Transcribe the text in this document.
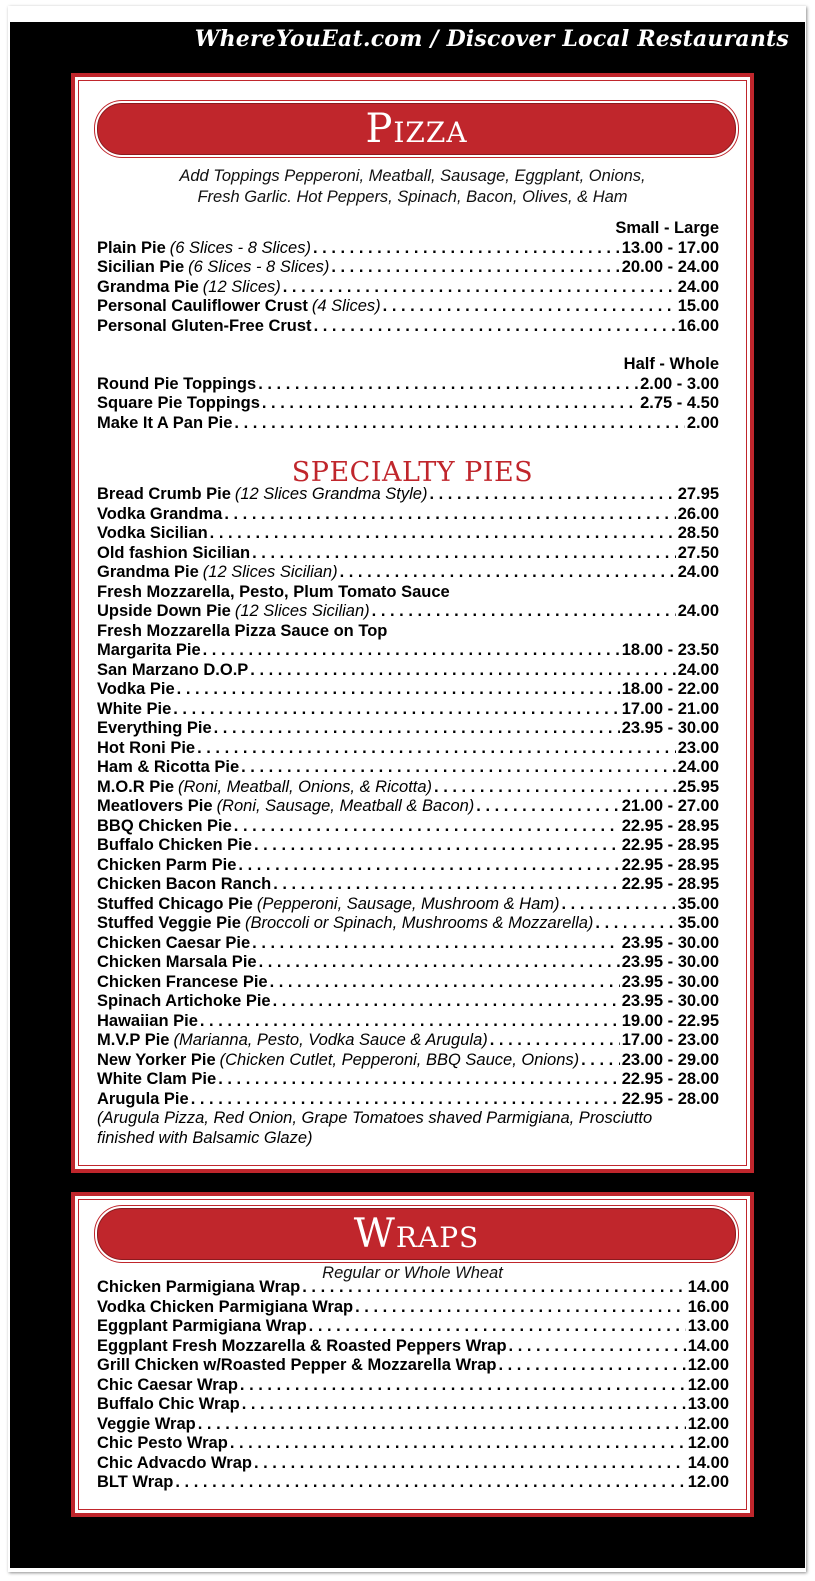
WhereYouEat.com / Discover Local Restaurants
Pizza
Add Toppings Pepperoni, Meatball, Sausage, Eggplant, Onions,
Fresh Garlic. Hot Peppers, Spinach, Bacon, Olives, & Ham
SPECIALTY PIES
Small - Large
Plain Pie (6 Slices - 8 Slices) . . .	13.00 - 17.00
Sicilian Pie (6 Slices - 8 Slices) . . .	20.00 - 24.00
Grandma Pie (12 Slices) . . .	24.00
Personal Cauliflower Crust (4 Slices) . . .	15.00
Personal Gluten-Free Crust . . .	16.00
Half - Whole
Round Pie Toppings . . .	2.00 - 3.00
Square Pie Toppings . . .	2.75 - 4.50
Make It A Pan Pie . . .	2.00
Bread Crumb Pie (12 Slices Grandma Style) . . .	27.95
Vodka Grandma . . .	26.00
Vodka Sicilian . . .	28.50
Old fashion Sicilian . . .	27.50
Grandma Pie (12 Slices Sicilian) . . .	24.00
Fresh Mozzarella, Pesto, Plum Tomato Sauce
Upside Down Pie (12 Slices Sicilian) . . .	24.00
Fresh Mozzarella Pizza Sauce on Top
Margarita Pie . . .	18.00 - 23.50
San Marzano D.O.P . . .	24.00
Vodka Pie . . .	18.00 - 22.00
White Pie . . .	17.00 - 21.00
Everything Pie . . .	23.95 - 30.00
Hot Roni Pie . . .	23.00
Ham & Ricotta Pie . . .	24.00
M.O.R Pie (Roni, Meatball, Onions, & Ricotta) . . .	25.95
Meatlovers Pie (Roni, Sausage, Meatball & Bacon) . . .	21.00 - 27.00
BBQ Chicken Pie . . .	22.95 - 28.95
Buffalo Chicken Pie . . .	22.95 - 28.95
Chicken Parm Pie . . .	22.95 - 28.95
Chicken Bacon Ranch . . .	22.95 - 28.95
Stuffed Chicago Pie (Pepperoni, Sausage, Mushroom & Ham) . . .	35.00
Stuffed Veggie Pie (Broccoli or Spinach, Mushrooms & Mozzarella) . . .	35.00
Chicken Caesar Pie . . .	23.95 - 30.00
Chicken Marsala Pie . . .	23.95 - 30.00
Chicken Francese Pie . . .	23.95 - 30.00
Spinach Artichoke Pie . . .	23.95 - 30.00
Hawaiian Pie . . .	19.00 - 22.95
M.V.P Pie (Marianna, Pesto, Vodka Sauce & Arugula) . . .	17.00 - 23.00
New Yorker Pie (Chicken Cutlet, Pepperoni, BBQ Sauce, Onions) . . .	23.00 - 29.00
White Clam Pie . . .	22.95 - 28.00
Arugula Pie . . .	22.95 - 28.00
(Arugula Pizza, Red Onion, Grape Tomatoes shaved Parmigiana, Prosciutto
finished with Balsamic Glaze)
Wraps
Regular or Whole Wheat
Chicken Parmigiana Wrap . . .	14.00
Vodka Chicken Parmigiana Wrap . . .	16.00
Eggplant Parmigiana Wrap . . .	13.00
Eggplant Fresh Mozzarella & Roasted Peppers Wrap . . .	14.00
Grill Chicken w/Roasted Pepper & Mozzarella Wrap . . .	12.00
Chic Caesar Wrap . . .	12.00
Buffalo Chic Wrap . . .	13.00
Veggie Wrap . . .	12.00
Chic Pesto Wrap . . .	12.00
Chic Advacdo Wrap . . .	14.00
BLT Wrap . . .	12.00
